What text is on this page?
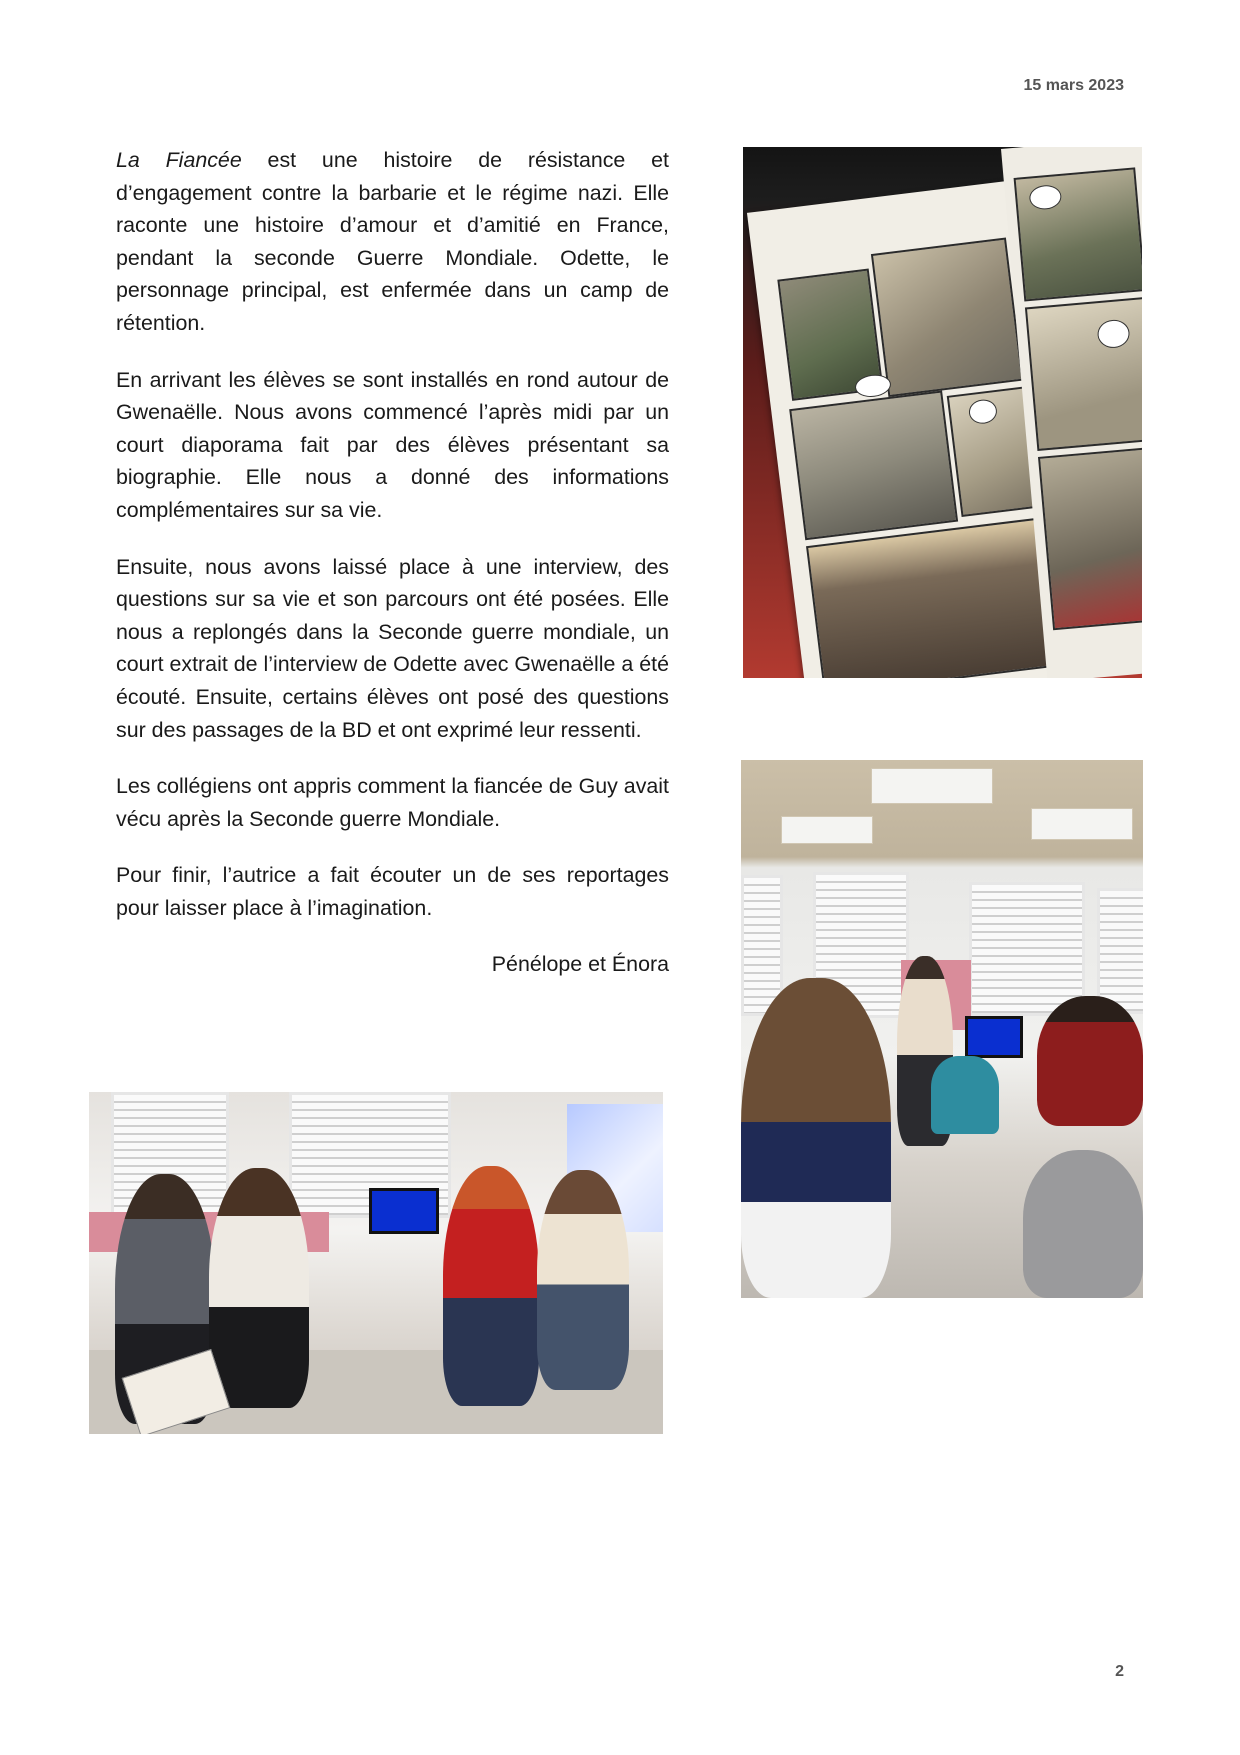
15 mars 2023

La Fiancée est une histoire de résistance et d’engagement contre la barbarie et le régime nazi. Elle raconte une histoire d’amour et d’amitié en France, pendant la seconde Guerre Mondiale. Odette, le personnage principal, est enfermée dans un camp de rétention.

En arrivant les élèves se sont installés en rond autour de Gwenaëlle. Nous avons commencé l’après midi par un court diaporama fait par des élèves présentant sa biographie. Elle nous a donné des informations complémentaires sur sa vie.

Ensuite, nous avons laissé place à une interview, des questions sur sa vie et son parcours ont été posées. Elle nous a replongés dans la Seconde guerre mondiale, un court extrait de l’interview de Odette avec Gwenaëlle a été écouté. Ensuite, certains élèves ont posé des questions sur des passages de la BD et ont exprimé leur ressenti.

Les collégiens ont appris comment la fiancée de Guy avait vécu après la Seconde guerre Mondiale.

Pour finir, l’autrice a fait écouter un de ses reportages pour laisser place à l’imagination.

Pénélope et Énora

2
